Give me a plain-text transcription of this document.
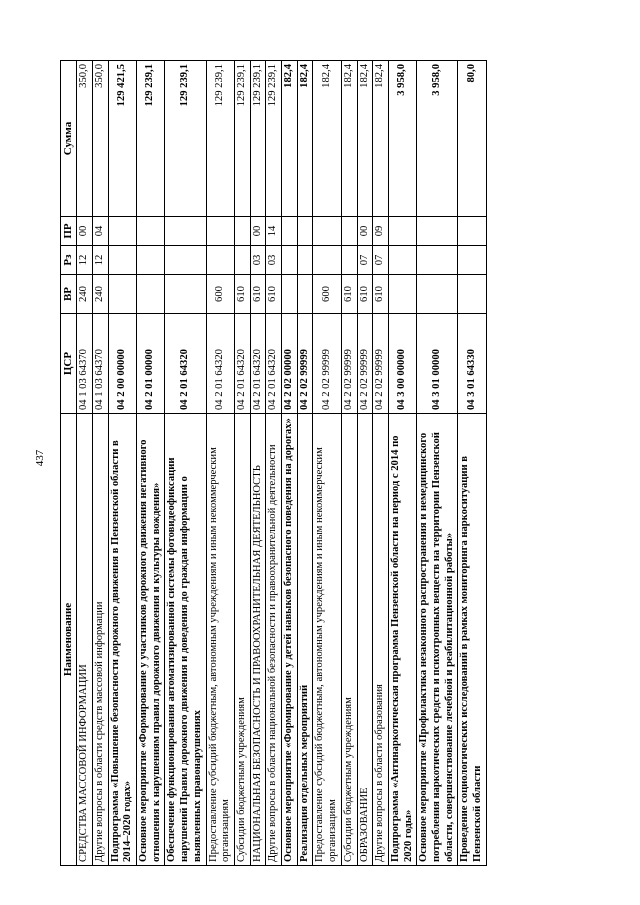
437
Наименование	ЦСР	ВР	Рз	ПР	Сумма
СРЕДСТВА МАССОВОЙ ИНФОРМАЦИИ	04 1 03 64370	240	12	00	350,0
Другие вопросы в области средств массовой информации	04 1 03 64370	240	12	04	350,0
Подпрограмма «Повышение безопасности дорожного движения в Пензенской области в 2014–2020 годах»	04 2 00 00000				129 421,5
Основное мероприятие «Формирование у участников дорожного движения негативного отношения к нарушениям правил дорожного движения и культуры вождения»	04 2 01 00000				129 239,1
Обеспечение функционирования автоматизированной системы фотовидеофиксации нарушений Правил дорожного движения и доведения до граждан информации о выявленных правонарушениях	04 2 01 64320				129 239,1
Предоставление субсидий бюджетным, автономным учреждениям и иным некоммерческим организациям	04 2 01 64320	600			129 239,1
Субсидии бюджетным учреждениям	04 2 01 64320	610			129 239,1
НАЦИОНАЛЬНАЯ БЕЗОПАСНОСТЬ И ПРАВООХРАНИТЕЛЬНАЯ ДЕЯТЕЛЬНОСТЬ	04 2 01 64320	610	03	00	129 239,1
Другие вопросы в области национальной безопасности и правоохранительной деятельности	04 2 01 64320	610	03	14	129 239,1
Основное мероприятие «Формирование у детей навыков безопасного поведения на дорогах»	04 2 02 00000				182,4
Реализация отдельных мероприятий	04 2 02 99999				182,4
Предоставление субсидий бюджетным, автономным учреждениям и иным некоммерческим организациям	04 2 02 99999	600			182,4
Субсидии бюджетным учреждениям	04 2 02 99999	610			182,4
ОБРАЗОВАНИЕ	04 2 02 99999	610	07	00	182,4
Другие вопросы в области образования	04 2 02 99999	610	07	09	182,4
Подпрограмма «Антинаркотическая программа Пензенской области на период с 2014 по 2020 годы»	04 3 00 00000				3 958,0
Основное мероприятие «Профилактика незаконного распространения и немедицинского потребления наркотических средств и психотропных веществ на территории Пензенской области, совершенствование лечебной и реабилитационной работы»	04 3 01 00000				3 958,0
Проведение социологических исследований в рамках мониторинга наркоситуации в Пензенской области	04 3 01 64330				80,0
